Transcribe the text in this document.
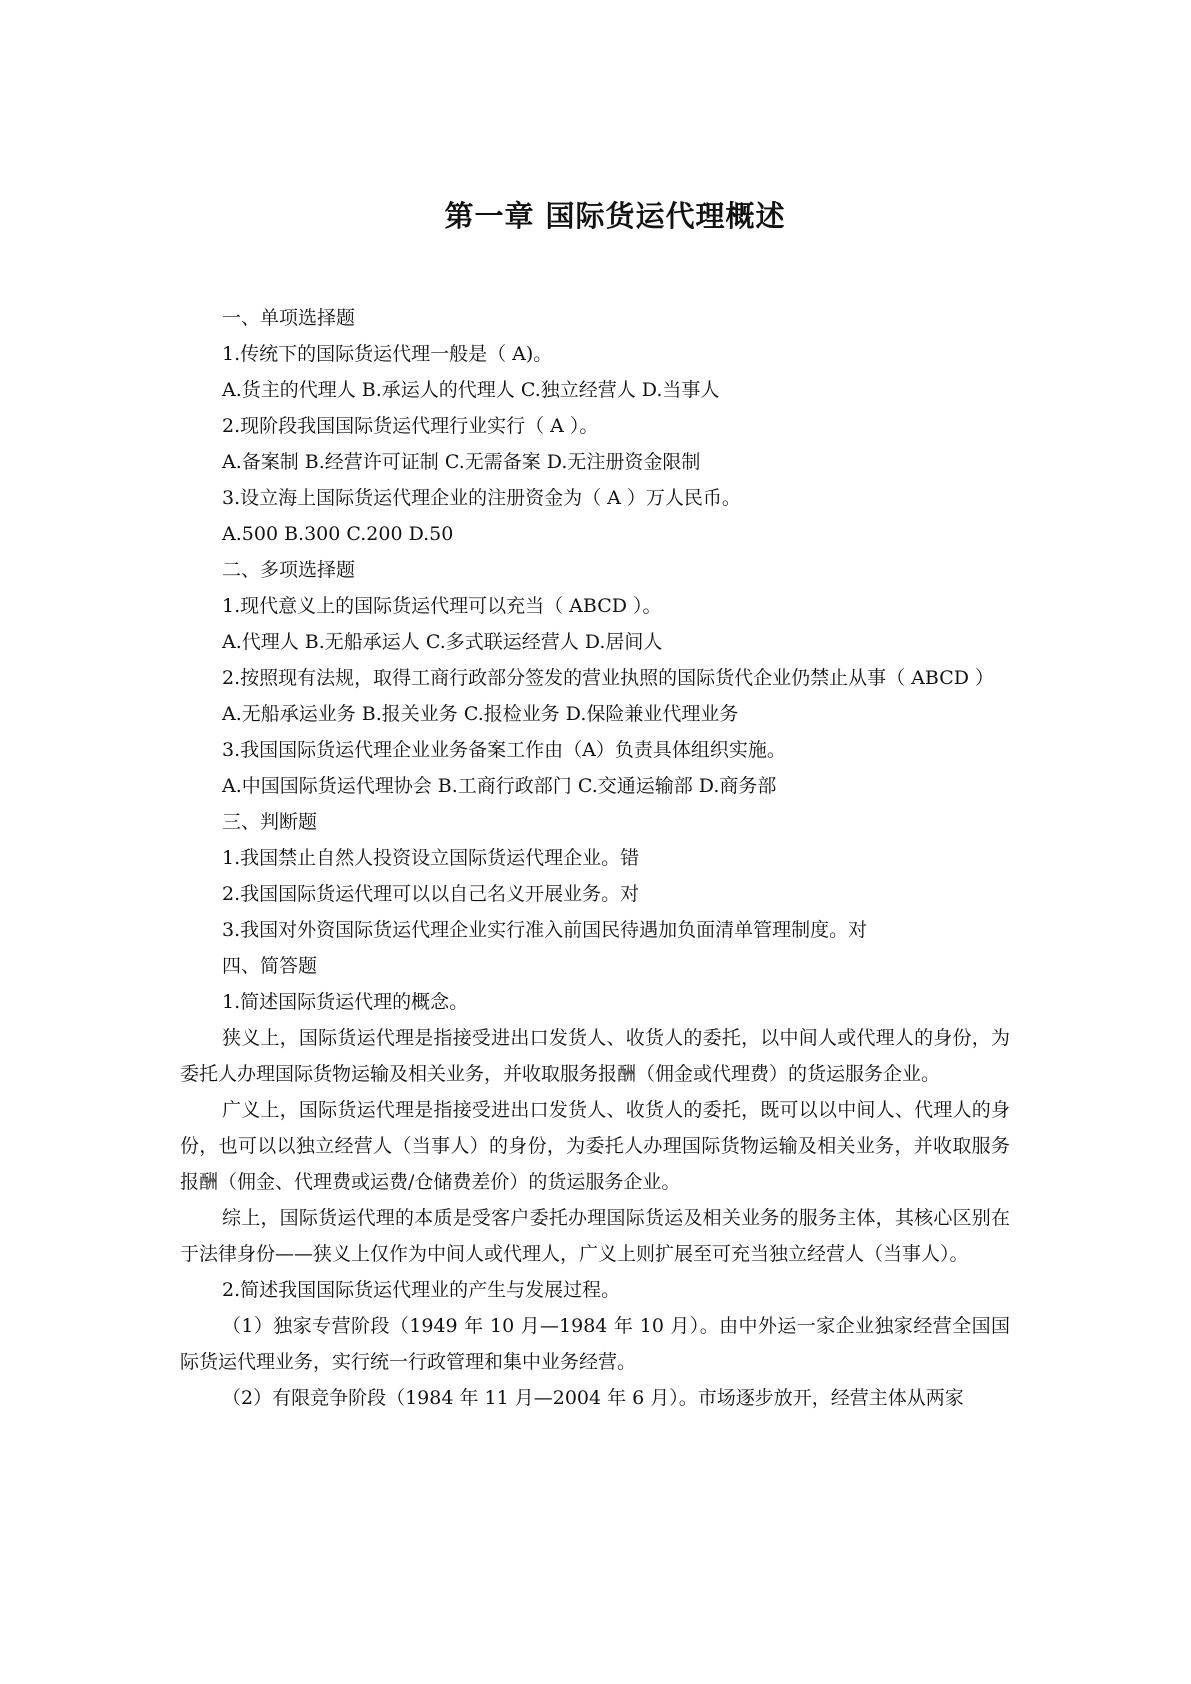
第一章 国际货运代理概述

一、单项选择题

1.传统下的国际货运代理一般是（ A)。

A.货主的代理人 B.承运人的代理人 C.独立经营人 D.当事人

2.现阶段我国国际货运代理行业实行（ A ）。

A.备案制 B.经营许可证制 C.无需备案 D.无注册资金限制

3.设立海上国际货运代理企业的注册资金为（ A ）万人民币。

A.500 B.300 C.200 D.50

二、多项选择题

1.现代意义上的国际货运代理可以充当（ ABCD ）。

A.代理人 B.无船承运人 C.多式联运经营人 D.居间人

2.按照现有法规，取得工商行政部分签发的营业执照的国际货代企业仍禁止从事（ ABCD ）

A.无船承运业务 B.报关业务 C.报检业务 D.保险兼业代理业务

3.我国国际货运代理企业业务备案工作由（A）负责具体组织实施。

A.中国国际货运代理协会 B.工商行政部门 C.交通运输部 D.商务部

三、判断题

1.我国禁止自然人投资设立国际货运代理企业。错

2.我国国际货运代理可以以自己名义开展业务。对

3.我国对外资国际货运代理企业实行准入前国民待遇加负面清单管理制度。对

四、简答题

1.简述国际货运代理的概念。

狭义上，国际货运代理是指接受进出口发货人、收货人的委托，以中间人或代理人的身份，为委托人办理国际货物运输及相关业务，并收取服务报酬（佣金或代理费）的货运服务企业。

广义上，国际货运代理是指接受进出口发货人、收货人的委托，既可以以中间人、代理人的身份，也可以以独立经营人（当事人）的身份，为委托人办理国际货物运输及相关业务，并收取服务报酬（佣金、代理费或运费/仓储费差价）的货运服务企业。

综上，国际货运代理的本质是受客户委托办理国际货运及相关业务的服务主体，其核心区别在于法律身份——狭义上仅作为中间人或代理人，广义上则扩展至可充当独立经营人（当事人）。

2.简述我国国际货运代理业的产生与发展过程。

（1）独家专营阶段（1949 年 10 月—1984 年 10 月）。由中外运一家企业独家经营全国国际货运代理业务，实行统一行政管理和集中业务经营。

（2）有限竞争阶段（1984 年 11 月—2004 年 6 月）。市场逐步放开，经营主体从两家
